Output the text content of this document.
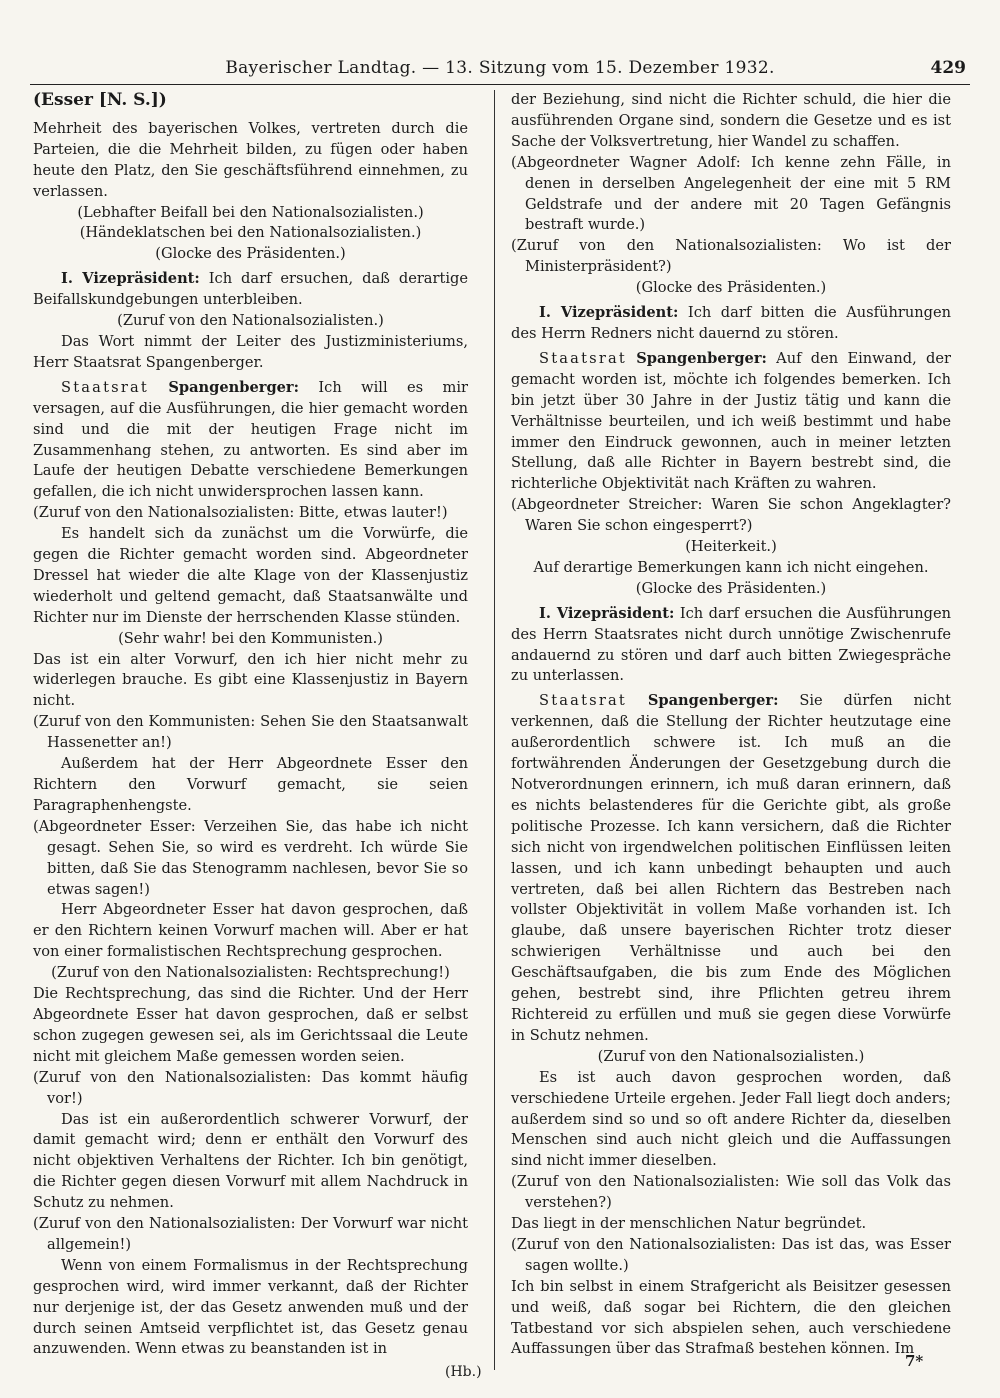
Bayerischer Landtag. — 13. Sitzung vom 15. Dezember 1932.	429
(Esser [N. S.])

Mehrheit des bayerischen Volkes, vertreten durch die Parteien, die die Mehrheit bilden, zu fügen oder haben heute den Platz, den Sie geschäftsführend einnehmen, zu verlassen.

(Lebhafter Beifall bei den Nationalsozialisten.)

(Händeklatschen bei den Nationalsozialisten.)

(Glocke des Präsidenten.)

I. Vizepräsident: Ich darf ersuchen, daß derartige Beifallskundgebungen unterbleiben.

(Zuruf von den Nationalsozialisten.)

Das Wort nimmt der Leiter des Justizministeriums, Herr Staatsrat Spangenberger.

Staatsrat Spangenberger: Ich will es mir versagen, auf die Ausführungen, die hier gemacht worden sind und die mit der heutigen Frage nicht im Zusammenhang stehen, zu antworten. Es sind aber im Laufe der heutigen Debatte verschiedene Bemerkungen gefallen, die ich nicht unwidersprochen lassen kann.

(Zuruf von den Nationalsozialisten: Bitte, etwas lauter!)

Es handelt sich da zunächst um die Vorwürfe, die gegen die Richter gemacht worden sind. Abgeordneter Dressel hat wieder die alte Klage von der Klassenjustiz wiederholt und geltend gemacht, daß Staatsanwälte und Richter nur im Dienste der herrschenden Klasse stünden.

(Sehr wahr! bei den Kommunisten.)

Das ist ein alter Vorwurf, den ich hier nicht mehr zu widerlegen brauche. Es gibt eine Klassenjustiz in Bayern nicht.

(Zuruf von den Kommunisten: Sehen Sie den Staatsanwalt Hassenetter an!)

Außerdem hat der Herr Abgeordnete Esser den Richtern den Vorwurf gemacht, sie seien Paragraphenhengste.

(Abgeordneter Esser: Verzeihen Sie, das habe ich nicht gesagt. Sehen Sie, so wird es verdreht. Ich würde Sie bitten, daß Sie das Stenogramm nachlesen, bevor Sie so etwas sagen!)

Herr Abgeordneter Esser hat davon gesprochen, daß er den Richtern keinen Vorwurf machen will. Aber er hat von einer formalistischen Rechtsprechung gesprochen.

(Zuruf von den Nationalsozialisten: Rechtsprechung!)

Die Rechtsprechung, das sind die Richter. Und der Herr Abgeordnete Esser hat davon gesprochen, daß er selbst schon zugegen gewesen sei, als im Gerichtssaal die Leute nicht mit gleichem Maße gemessen worden seien.

(Zuruf von den Nationalsozialisten: Das kommt häufig vor!)

Das ist ein außerordentlich schwerer Vorwurf, der damit gemacht wird; denn er enthält den Vorwurf des nicht objektiven Verhaltens der Richter. Ich bin genötigt, die Richter gegen diesen Vorwurf mit allem Nachdruck in Schutz zu nehmen.

(Zuruf von den Nationalsozialisten: Der Vorwurf war nicht allgemein!)

Wenn von einem Formalismus in der Rechtsprechung gesprochen wird, wird immer verkannt, daß der Richter nur derjenige ist, der das Gesetz anwenden muß und der durch seinen Amtseid verpflichtet ist, das Gesetz genau anzuwenden. Wenn etwas zu beanstanden ist in

der Beziehung, sind nicht die Richter schuld, die hier die ausführenden Organe sind, sondern die Gesetze und es ist Sache der Volksvertretung, hier Wandel zu schaffen.

(Abgeordneter Wagner Adolf: Ich kenne zehn Fälle, in denen in derselben Angelegenheit der eine mit 5 RM Geldstrafe und der andere mit 20 Tagen Gefängnis bestraft wurde.)

(Zuruf von den Nationalsozialisten: Wo ist der Ministerpräsident?)

(Glocke des Präsidenten.)

I. Vizepräsident: Ich darf bitten die Ausführungen des Herrn Redners nicht dauernd zu stören.

Staatsrat Spangenberger: Auf den Einwand, der gemacht worden ist, möchte ich folgendes bemerken. Ich bin jetzt über 30 Jahre in der Justiz tätig und kann die Verhältnisse beurteilen, und ich weiß bestimmt und habe immer den Eindruck gewonnen, auch in meiner letzten Stellung, daß alle Richter in Bayern bestrebt sind, die richterliche Objektivität nach Kräften zu wahren.

(Abgeordneter Streicher: Waren Sie schon Angeklagter? Waren Sie schon eingesperrt?)

(Heiterkeit.)

Auf derartige Bemerkungen kann ich nicht eingehen.

(Glocke des Präsidenten.)

I. Vizepräsident: Ich darf ersuchen die Ausführungen des Herrn Staatsrates nicht durch unnötige Zwischenrufe andauernd zu stören und darf auch bitten Zwiegespräche zu unterlassen.

Staatsrat Spangenberger: Sie dürfen nicht verkennen, daß die Stellung der Richter heutzutage eine außerordentlich schwere ist. Ich muß an die fortwährenden Änderungen der Gesetzgebung durch die Notverordnungen erinnern, ich muß daran erinnern, daß es nichts belastenderes für die Gerichte gibt, als große politische Prozesse. Ich kann versichern, daß die Richter sich nicht von irgendwelchen politischen Einflüssen leiten lassen, und ich kann unbedingt behaupten und auch vertreten, daß bei allen Richtern das Bestreben nach vollster Objektivität in vollem Maße vorhanden ist. Ich glaube, daß unsere bayerischen Richter trotz dieser schwierigen Verhältnisse und auch bei den Geschäftsaufgaben, die bis zum Ende des Möglichen gehen, bestrebt sind, ihre Pflichten getreu ihrem Richtereid zu erfüllen und muß sie gegen diese Vorwürfe in Schutz nehmen.

(Zuruf von den Nationalsozialisten.)

Es ist auch davon gesprochen worden, daß verschiedene Urteile ergehen. Jeder Fall liegt doch anders; außerdem sind so und so oft andere Richter da, dieselben Menschen sind auch nicht gleich und die Auffassungen sind nicht immer dieselben.

(Zuruf von den Nationalsozialisten: Wie soll das Volk das verstehen?)

Das liegt in der menschlichen Natur begründet.

(Zuruf von den Nationalsozialisten: Das ist das, was Esser sagen wollte.)

Ich bin selbst in einem Strafgericht als Beisitzer gesessen und weiß, daß sogar bei Richtern, die den gleichen Tatbestand vor sich abspielen sehen, auch verschiedene Auffassungen über das Strafmaß bestehen können. Im

(Hb.)
7*
